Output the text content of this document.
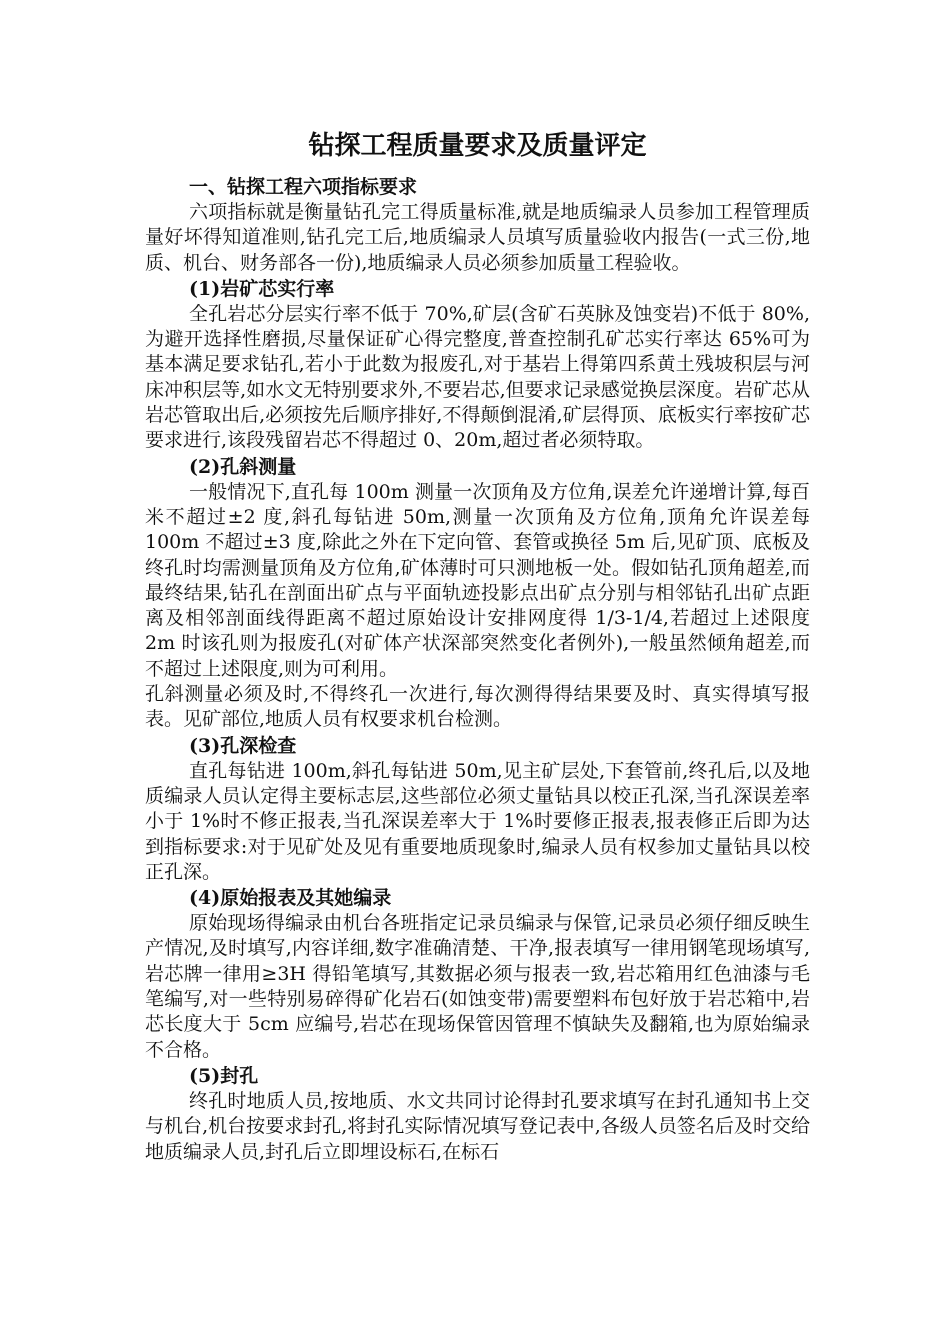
钻探工程质量要求及质量评定

一、钻探工程六项指标要求

六项指标就是衡量钻孔完工得质量标准,就是地质编录人员参加工程管理质量好坏得知道准则,钻孔完工后,地质编录人员填写质量验收内报告(一式三份,地质、机台、财务部各一份),地质编录人员必须参加质量工程验收。

(1)岩矿芯实行率

全孔岩芯分层实行率不低于 70%,矿层(含矿石英脉及蚀变岩)不低于 80%,为避开选择性磨损,尽量保证矿心得完整度,普查控制孔矿芯实行率达 65%可为基本满足要求钻孔,若小于此数为报废孔,对于基岩上得第四系黄土残坡积层与河床冲积层等,如水文无特别要求外,不要岩芯,但要求记录感觉换层深度。岩矿芯从岩芯管取出后,必须按先后顺序排好,不得颠倒混淆,矿层得顶、底板实行率按矿芯要求进行,该段残留岩芯不得超过 0、20m,超过者必须特取。

(2)孔斜测量

一般情况下,直孔每 100m 测量一次顶角及方位角,误差允许递增计算,每百米不超过±2 度,斜孔每钻进 50m,测量一次顶角及方位角,顶角允许误差每 100m 不超过±3 度,除此之外在下定向管、套管或换径 5m 后,见矿顶、底板及终孔时均需测量顶角及方位角,矿体薄时可只测地板一处。假如钻孔顶角超差,而最终结果,钻孔在剖面出矿点与平面轨迹投影点出矿点分别与相邻钻孔出矿点距离及相邻剖面线得距离不超过原始设计安排网度得 1/3-1/4,若超过上述限度 2m 时该孔则为报废孔(对矿体产状深部突然变化者例外),一般虽然倾角超差,而不超过上述限度,则为可利用。

孔斜测量必须及时,不得终孔一次进行,每次测得得结果要及时、真实得填写报表。见矿部位,地质人员有权要求机台检测。

(3)孔深检查

直孔每钻进 100m,斜孔每钻进 50m,见主矿层处,下套管前,终孔后,以及地质编录人员认定得主要标志层,这些部位必须丈量钻具以校正孔深,当孔深误差率小于 1%时不修正报表,当孔深误差率大于 1%时要修正报表,报表修正后即为达到指标要求:对于见矿处及见有重要地质现象时,编录人员有权参加丈量钻具以校正孔深。

(4)原始报表及其她编录

原始现场得编录由机台各班指定记录员编录与保管,记录员必须仔细反映生产情况,及时填写,内容详细,数字准确清楚、干净,报表填写一律用钢笔现场填写,岩芯牌一律用≥3H 得铅笔填写,其数据必须与报表一致,岩芯箱用红色油漆与毛笔编写,对一些特别易碎得矿化岩石(如蚀变带)需要塑料布包好放于岩芯箱中,岩芯长度大于 5cm 应编号,岩芯在现场保管因管理不慎缺失及翻箱,也为原始编录不合格。

(5)封孔

终孔时地质人员,按地质、水文共同讨论得封孔要求填写在封孔通知书上交与机台,机台按要求封孔,将封孔实际情况填写登记表中,各级人员签名后及时交给地质编录人员,封孔后立即埋设标石,在标石
